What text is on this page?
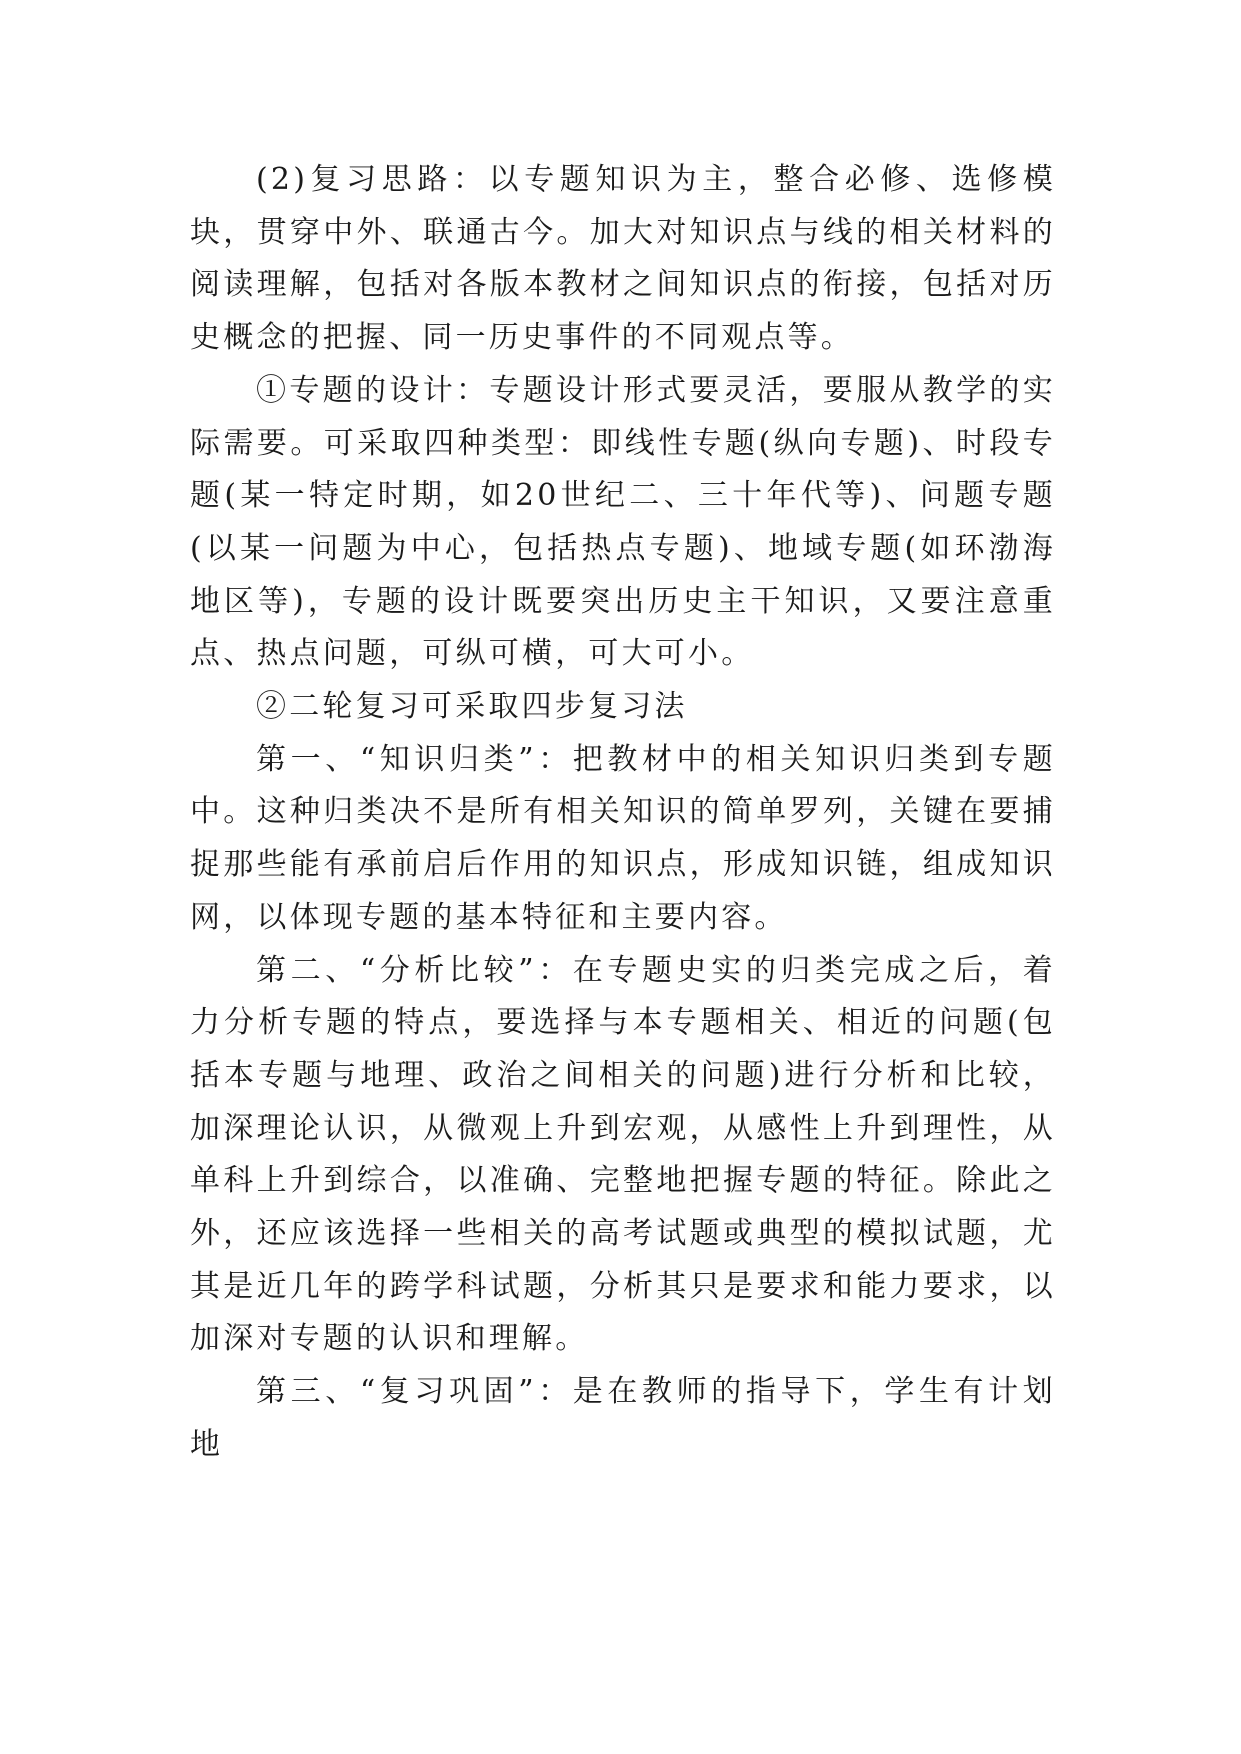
(2)复习思路：以专题知识为主，整合必修、选修模块，贯穿中外、联通古今。加大对知识点与线的相关材料的阅读理解，包括对各版本教材之间知识点的衔接，包括对历史概念的把握、同一历史事件的不同观点等。

①专题的设计：专题设计形式要灵活，要服从教学的实际需要。可采取四种类型：即线性专题(纵向专题)、时段专题(某一特定时期，如20世纪二、三十年代等)、问题专题(以某一问题为中心，包括热点专题)、地域专题(如环渤海地区等)，专题的设计既要突出历史主干知识，又要注意重点、热点问题，可纵可横，可大可小。

②二轮复习可采取四步复习法

第一、“知识归类”：把教材中的相关知识归类到专题中。这种归类决不是所有相关知识的简单罗列，关键在要捕捉那些能有承前启后作用的知识点，形成知识链，组成知识网，以体现专题的基本特征和主要内容。

第二、“分析比较”：在专题史实的归类完成之后，着力分析专题的特点，要选择与本专题相关、相近的问题(包括本专题与地理、政治之间相关的问题)进行分析和比较，加深理论认识，从微观上升到宏观，从感性上升到理性，从单科上升到综合，以准确、完整地把握专题的特征。除此之外，还应该选择一些相关的高考试题或典型的模拟试题，尤其是近几年的跨学科试题，分析其只是要求和能力要求，以加深对专题的认识和理解。

第三、“复习巩固”：是在教师的指导下，学生有计划地
